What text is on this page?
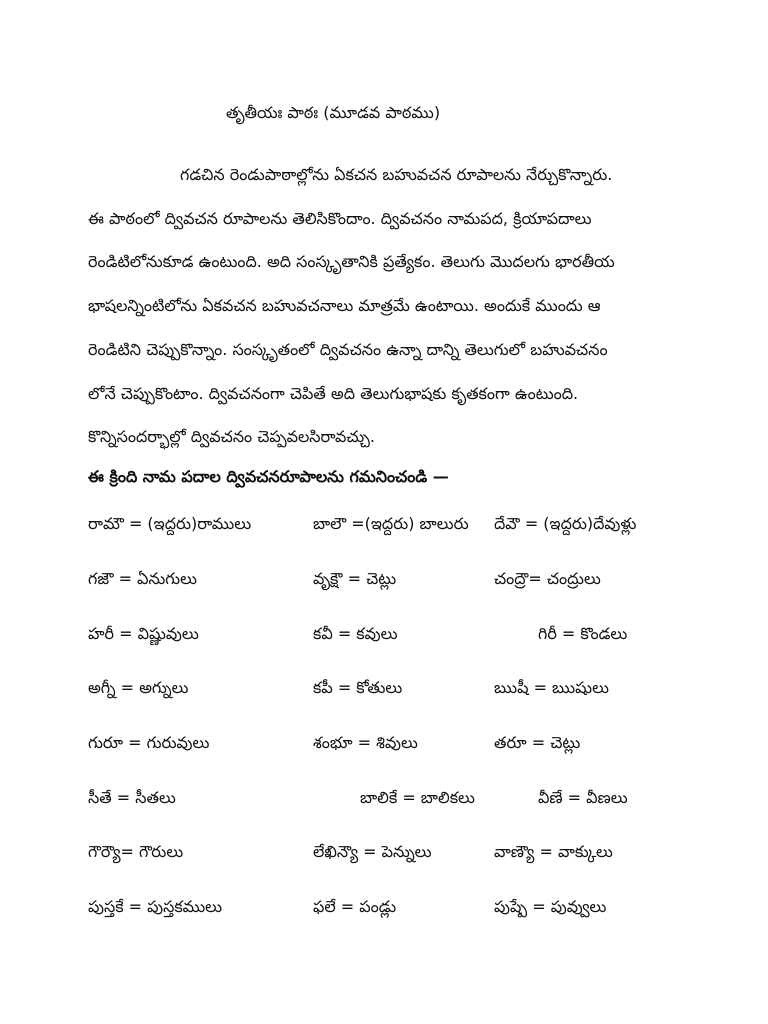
తృతీయః పాఠః (మూడవ పాఠము)

గడచిన రెండుపాఠాల్లోను ఏకచన బహువచన రూపాలను నేర్చుకొన్నారు.
ఈ పాఠంలో ద్వివచన రూపాలను తెలిసికొందాం. ద్వివచనం నామపద, క్రియాపదాలు
రెండిటిలోనుకూడ ఉంటుంది. అది సంస్కృతానికి ప్రత్యేకం. తెలుగు మొదలగు భారతీయ
భాషలన్నింటిలోను ఏకవచన బహువచనాలు మాత్రమే ఉంటాయి. అందుకే ముందు ఆ
రెండిటిని చెప్పుకొన్నాం. సంస్కృతంలో ద్వివచనం ఉన్నా దాన్ని తెలుగులో బహువచనం
లోనే చెప్పుకొంటాం. ద్వివచనంగా చెపితే అది తెలుగుభాషకు కృతకంగా ఉంటుంది.
కొన్నిసందర్భాల్లో ద్వివచనం చెప్పవలసిరావచ్చు.

ఈ క్రింది నామ పదాల ద్వివచనరూపాలను గమనించండి —
రామౌ = (ఇద్దరు)రాములు	బాలౌ =(ఇద్దరు) బాలురు దేవౌ = (ఇద్దరు)దేవుళ్లు
గజౌ = ఏనుగులు	వృక్షౌ = చెట్లు	చంద్రౌ= చంద్రులు
హరీ = విష్ణువులు	కవీ = కవులు	గిరీ = కొండలు
అగ్నీ = అగ్నులు	కపీ = కోతులు	ఋషీ = ఋషులు
గురూ = గురువులు	శంభూ = శివులు	తరూ = చెట్లు
సీతే = సీతలు	బాలికే = బాలికలు	వీణే = వీణలు
గౌర్యౌ= గౌరులు	లేఖిన్యౌ = పెన్నులు	వాణ్యౌ = వాక్కులు
పుస్తకే = పుస్తకములు	ఫలే = పండ్లు	పుష్పే = పువ్వులు
